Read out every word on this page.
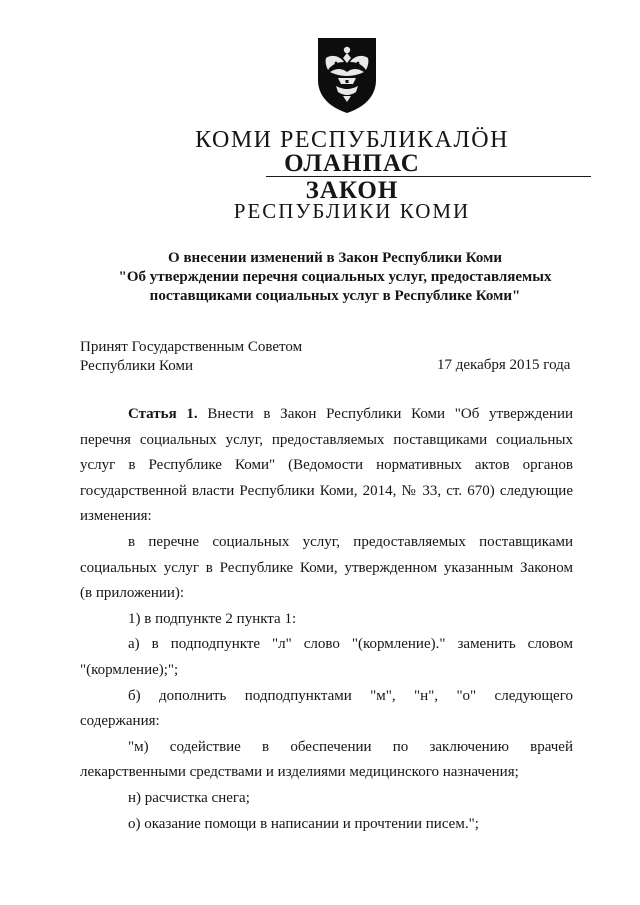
КОМИ РЕСПУБЛИКАЛӦН
ОЛАНПАС
ЗАКОН
РЕСПУБЛИКИ КОМИ
О внесении изменений в Закон Республики Коми
"Об утверждении перечня социальных услуг, предоставляемых
поставщиками социальных услуг в Республике Коми"
Принят Государственным Советом
Республики Коми	17 декабря 2015 года
Статья 1. Внести в Закон Республики Коми "Об утверждении
перечня социальных услуг, предоставляемых поставщиками социальных
услуг в Республике Коми" (Ведомости нормативных актов органов
государственной власти Республики Коми, 2014, № 33, ст. 670) следующие
изменения:
в перечне социальных услуг, предоставляемых поставщиками
социальных услуг в Республике Коми, утвержденном указанным Законом
(в приложении):
1) в подпункте 2 пункта 1:
а) в подподпункте "л" слово "(кормление)." заменить словом
"(кормление);";
б) дополнить подподпунктами "м", "н", "о" следующего
содержания:
"м) содействие в обеспечении по заключению врачей
лекарственными средствами и изделиями медицинского назначения;
н) расчистка снега;
о) оказание помощи в написании и прочтении писем.";
